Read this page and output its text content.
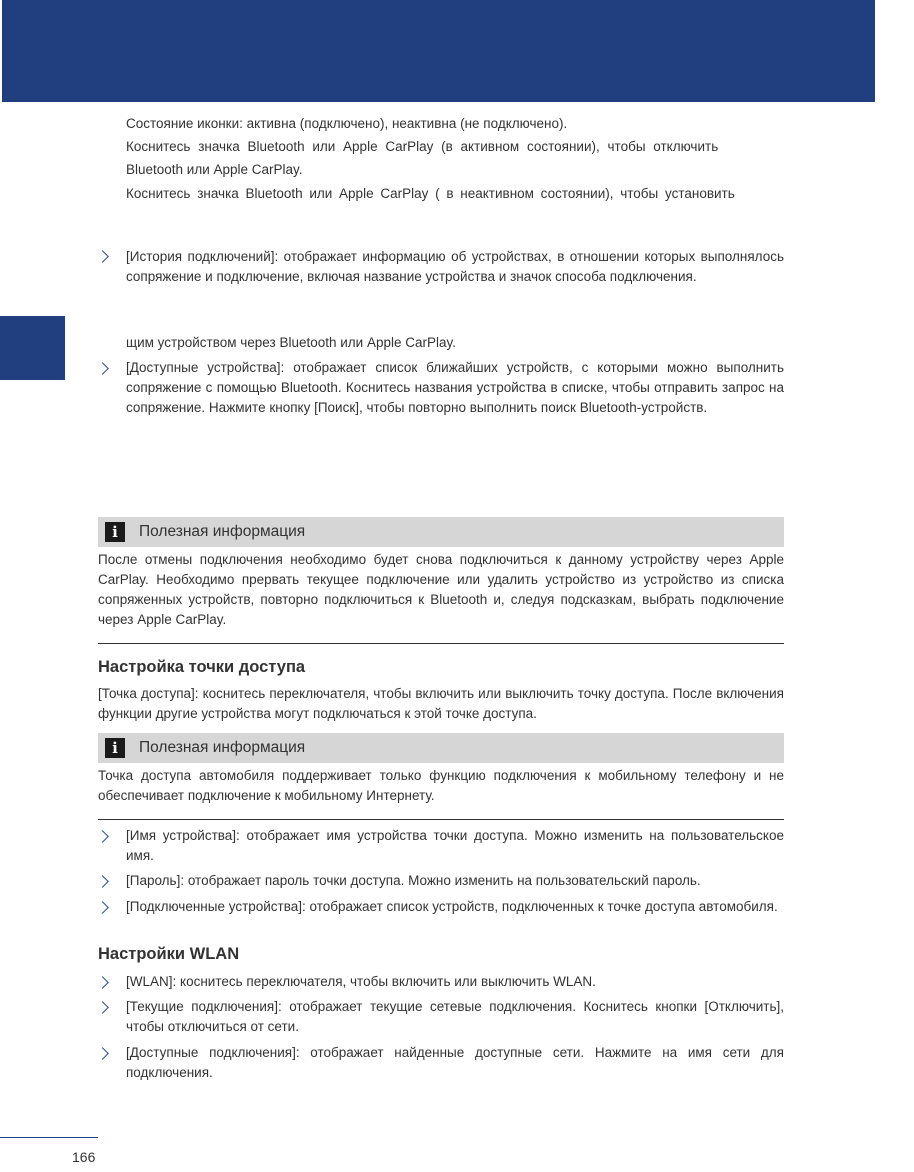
Состояние иконки: активна (подключено), неактивна (не подключено).
Коснитесь значка Bluetooth или Apple CarPlay (в активном состоянии), чтобы отключить
Bluetooth или Apple CarPlay.
Коснитесь значка Bluetooth или Apple CarPlay ( в неактивном состоянии), чтобы установить
[История подключений]: отображает информацию об устройствах, в отношении которых выполнялось сопряжение и подключение, включая название устройства и значок способа подключения.
щим устройством через Bluetooth или Apple CarPlay.
[Доступные устройства]: отображает список ближайших устройств, с которыми можно выполнить сопряжение с помощью Bluetooth. Коснитесь названия устройства в списке, чтобы отправить запрос на сопряжение. Нажмите кнопку [Поиск], чтобы повторно выполнить поиск Bluetooth-устройств.
i	Полезная информация
После отмены подключения необходимо будет снова подключиться к данному устройству через Apple CarPlay. Необходимо прервать текущее подключение или удалить устройство из устройство из списка сопряженных устройств, повторно подключиться к Bluetooth и, следуя подсказкам, выбрать подключение через Apple CarPlay.
Настройка точки доступа
[Точка доступа]: коснитесь переключателя, чтобы включить или выключить точку доступа. После включения функции другие устройства могут подключаться к этой точке доступа.
i	Полезная информация
Точка доступа автомобиля поддерживает только функцию подключения к мобильному телефону и не обеспечивает подключение к мобильному Интернету.
[Имя устройства]: отображает имя устройства точки доступа. Можно изменить на пользовательское имя.
[Пароль]: отображает пароль точки доступа. Можно изменить на пользовательский пароль.
[Подключенные устройства]: отображает список устройств, подключенных к точке доступа автомобиля.
Настройки WLAN
[WLAN]: коснитесь переключателя, чтобы включить или выключить WLAN.
[Текущие подключения]: отображает текущие сетевые подключения. Коснитесь кнопки [Отключить], чтобы отключиться от сети.
[Доступные подключения]: отображает найденные доступные сети. Нажмите на имя сети для подключения.
166
